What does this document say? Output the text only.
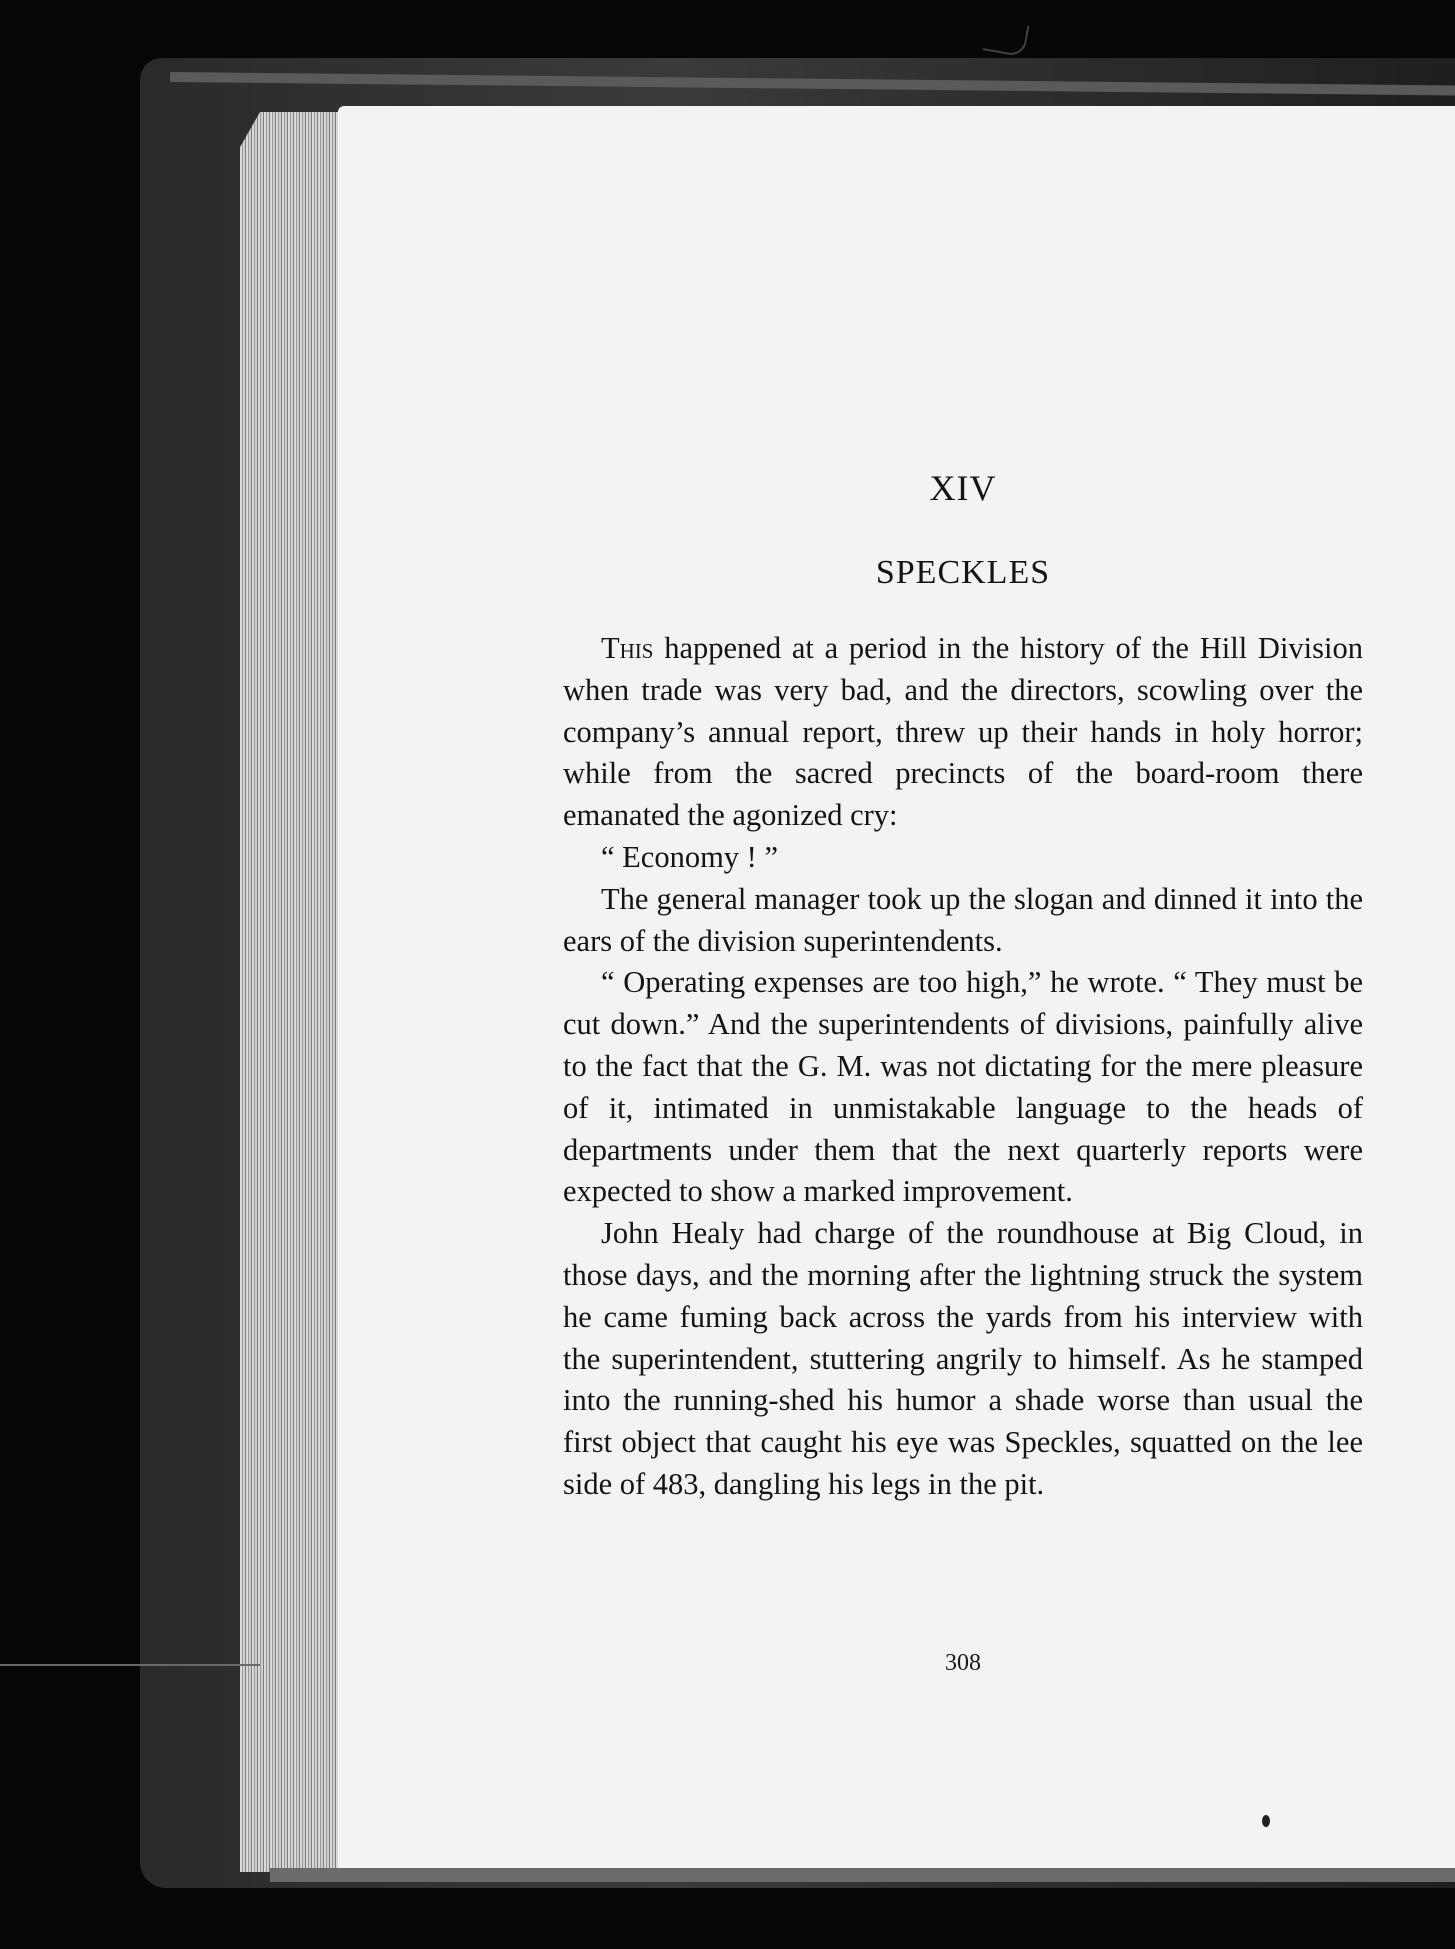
XIV
SPECKLES

This happened at a period in the history of the Hill Division when trade was very bad, and the directors, scowling over the company’s annual report, threw up their hands in holy horror; while from the sacred precincts of the board-room there emanated the agonized cry:

“ Economy ! ”

The general manager took up the slogan and dinned it into the ears of the division superintendents.

“ Operating expenses are too high,” he wrote. “ They must be cut down.” And the superintendents of divisions, painfully alive to the fact that the G. M. was not dictating for the mere pleasure of it, intimated in unmistakable language to the heads of departments under them that the next quarterly reports were expected to show a marked improvement.

John Healy had charge of the roundhouse at Big Cloud, in those days, and the morning after the lightning struck the system he came fuming back across the yards from his interview with the superintendent, stuttering angrily to himself. As he stamped into the running-shed his humor a shade worse than usual the first object that caught his eye was Speckles, squatted on the lee side of 483, dangling his legs in the pit.

308
